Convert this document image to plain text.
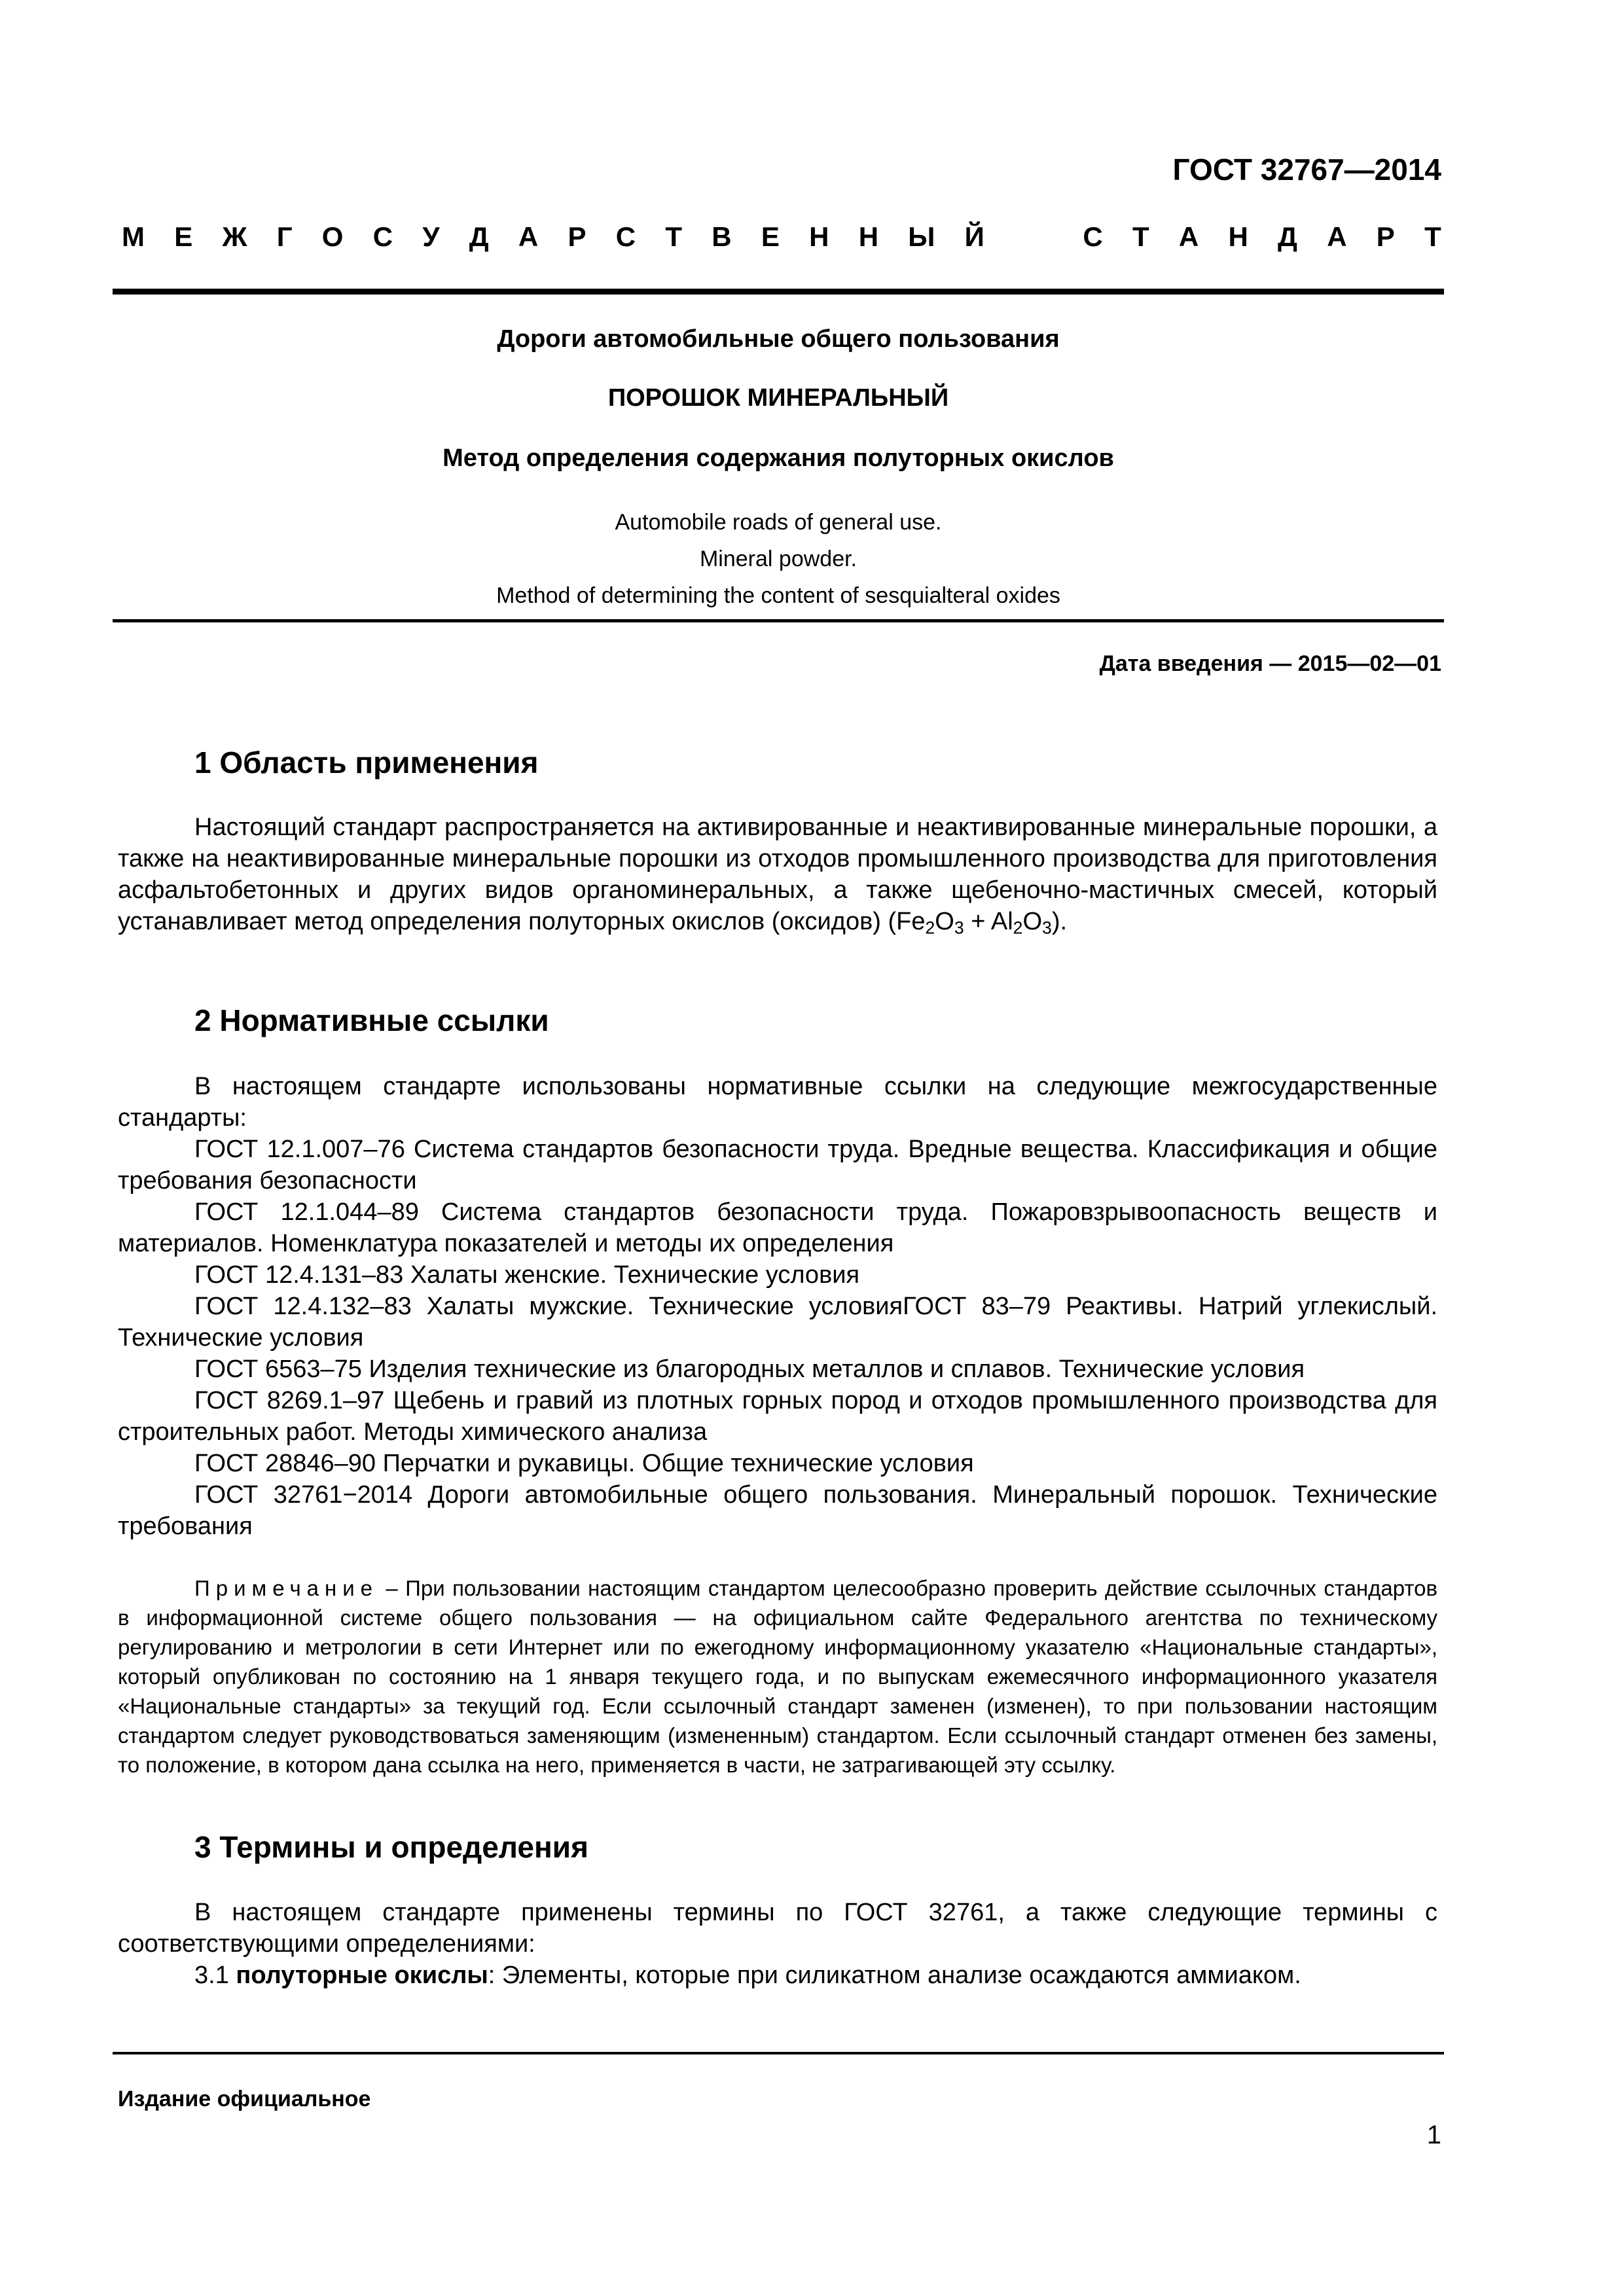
ГОСТ 32767—2014
М Е Ж Г О С У Д А Р С Т В Е Н Н Ы Й	С Т А Н Д А Р Т
Дороги автомобильные общего пользования
ПОРОШОК МИНЕРАЛЬНЫЙ
Метод определения содержания полуторных окислов
Automobile roads of general use.
Mineral powder.
Method of determining the content of sesquialteral oxides
Дата введения — 2015—02—01
1 Область применения

Настоящий стандарт распространяется на активированные и неактивированные минеральные порошки, а также на неактивированные минеральные порошки из отходов промышленного производства для приготовления асфальтобетонных и других видов органоминеральных, а также щебеночно-мастичных смесей, который устанавливает метод определения полуторных окислов (оксидов) $(Fe_2O_3 + Al_2O_3)$.

2 Нормативные ссылки

В настоящем стандарте использованы нормативные ссылки на следующие межгосударственные стандарты:

ГОСТ 12.1.007–76 Система стандартов безопасности труда. Вредные вещества. Классификация и общие требования безопасности

ГОСТ 12.1.044–89 Система стандартов безопасности труда. Пожаровзрывоопасность веществ и материалов. Номенклатура показателей и методы их определения

ГОСТ 12.4.131–83 Халаты женские. Технические условия

ГОСТ 12.4.132–83 Халаты мужские. Технические условияГОСТ 83–79 Реактивы. Натрий углекислый. Технические условия

ГОСТ 6563–75 Изделия технические из благородных металлов и сплавов. Технические условия

ГОСТ 8269.1–97 Щебень и гравий из плотных горных пород и отходов промышленного производства для строительных работ. Методы химического анализа

ГОСТ 28846–90 Перчатки и рукавицы. Общие технические условия

ГОСТ 32761−2014 Дороги автомобильные общего пользования. Минеральный порошок. Технические требования

Примечание – При пользовании настоящим стандартом целесообразно проверить действие ссылочных стандартов в информационной системе общего пользования — на официальном сайте Федерального агентства по техническому регулированию и метрологии в сети Интернет или по ежегодному информационному указателю «Национальные стандарты», который опубликован по состоянию на 1 января текущего года, и по выпускам ежемесячного информационного указателя «Национальные стандарты» за текущий год. Если ссылочный стандарт заменен (изменен), то при пользовании настоящим стандартом следует руководствоваться заменяющим (измененным) стандартом. Если ссылочный стандарт отменен без замены, то положение, в котором дана ссылка на него, применяется в части, не затрагивающей эту ссылку.

3 Термины и определения

В настоящем стандарте применены термины по ГОСТ 32761, а также следующие термины с соответствующими определениями:

3.1 полуторные окислы: Элементы, которые при силикатном анализе осаждаются аммиаком.

Издание официальное
1
